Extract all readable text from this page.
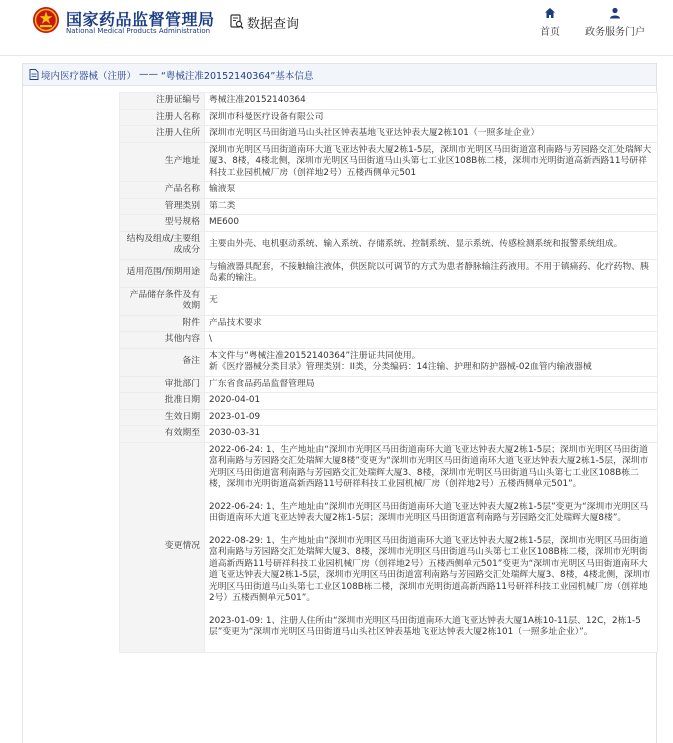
国家药品监督管理局
National Medical Products Administration	数据查询
首页	政务服务门户
境内医疗器械（注册） —— “粤械注准20152140364”基本信息
注册证编号	粤械注准20152140364
注册人名称	深圳市科曼医疗设备有限公司
注册人住所	深圳市光明区马田街道马山头社区钟表基地飞亚达钟表大厦2栋101（一照多址企业）
生产地址	深圳市光明区马田街道南环大道飞亚达钟表大厦2栋1-5层，深圳市光明区马田街道富利南路与芳园路交汇处瑞辉大厦3、8楼，4楼北侧，深圳市光明区马田街道马山头第七工业区108B栋二楼，深圳市光明街道高新西路11号研祥科技工业园机械厂房（创祥地2号）五楼西侧单元501
产品名称	输液泵
管理类别	第二类
型号规格	ME600
结构及组成/主要组成成分	主要由外壳、电机驱动系统、输入系统、存储系统、控制系统、显示系统、传感检测系统和报警系统组成。
适用范围/预期用途	与输液器具配套，不接触输注液体，供医院以可调节的方式为患者静脉输注药液用。不用于镇痛药、化疗药物、胰岛素的输注。
产品储存条件及有效期	无
附件	产品技术要求
其他内容	\
备注	本文件与“粤械注准20152140364”注册证共同使用。
新《医疗器械分类目录》管理类别：II类，分类编码：14注输、护理和防护器械-02血管内输液器械
审批部门	广东省食品药品监督管理局
批准日期	2020-04-01
生效日期	2023-01-09
有效期至	2030-03-31
变更情况	2022-06-24: 1、生产地址由“深圳市光明区马田街道南环大道飞亚达钟表大厦2栋1-5层；深圳市光明区马田街道富利南路与芳园路交汇处瑞辉大厦8楼”变更为“深圳市光明区马田街道南环大道飞亚达钟表大厦2栋1-5层，深圳市光明区马田街道富利南路与芳园路交汇处瑞辉大厦3、8楼，深圳市光明区马田街道马山头第七工业区108B栋二楼，深圳市光明街道高新西路11号研祥科技工业园机械厂房（创祥地2号）五楼西侧单元501”。
2022-06-24: 1、生产地址由“深圳市光明区马田街道南环大道飞亚达钟表大厦2栋1-5层”变更为“深圳市光明区马田街道南环大道飞亚达钟表大厦2栋1-5层；深圳市光明区马田街道富利南路与芳园路交汇处瑞辉大厦8楼”。
2022-08-29: 1、生产地址由“深圳市光明区马田街道南环大道飞亚达钟表大厦2栋1-5层，深圳市光明区马田街道富利南路与芳园路交汇处瑞辉大厦3、8楼，深圳市光明区马田街道马山头第七工业区108B栋二楼，深圳市光明街道高新西路11号研祥科技工业园机械厂房（创祥地2号）五楼西侧单元501”变更为“深圳市光明区马田街道南环大道飞亚达钟表大厦2栋1-5层，深圳市光明区马田街道富利南路与芳园路交汇处瑞辉大厦3、8楼，4楼北侧，深圳市光明区马田街道马山头第七工业区108B栋二楼，深圳市光明街道高新西路11号研祥科技工业园机械厂房（创祥地2号）五楼西侧单元501”。
2023-01-09: 1、注册人住所由“深圳市光明区马田街道南环大道飞亚达钟表大厦1A栋10-11层、12C，2栋1-5层”变更为“深圳市光明区马田街道马山头社区钟表基地飞亚达钟表大厦2栋101（一照多址企业）”。
